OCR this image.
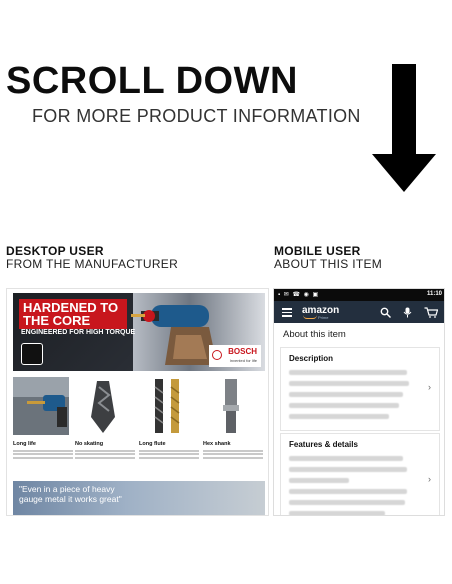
SCROLL DOWN
FOR MORE PRODUCT INFORMATION
DESKTOP USER
FROM THE MANUFACTURER
MOBILE USER
ABOUT THIS ITEM
HARDENED TO THE CORE
ENGINEERED FOR HIGH TORQUE
BOSCH
Invented for life
Long life	No skating	Long flute	Hex shank
"Even in a piece of heavy gauge metal it works great"
▪ ✉ ☎ ◉ ▣	11:10
amazon
Prime
About this item
Description
›
Features & details
›
